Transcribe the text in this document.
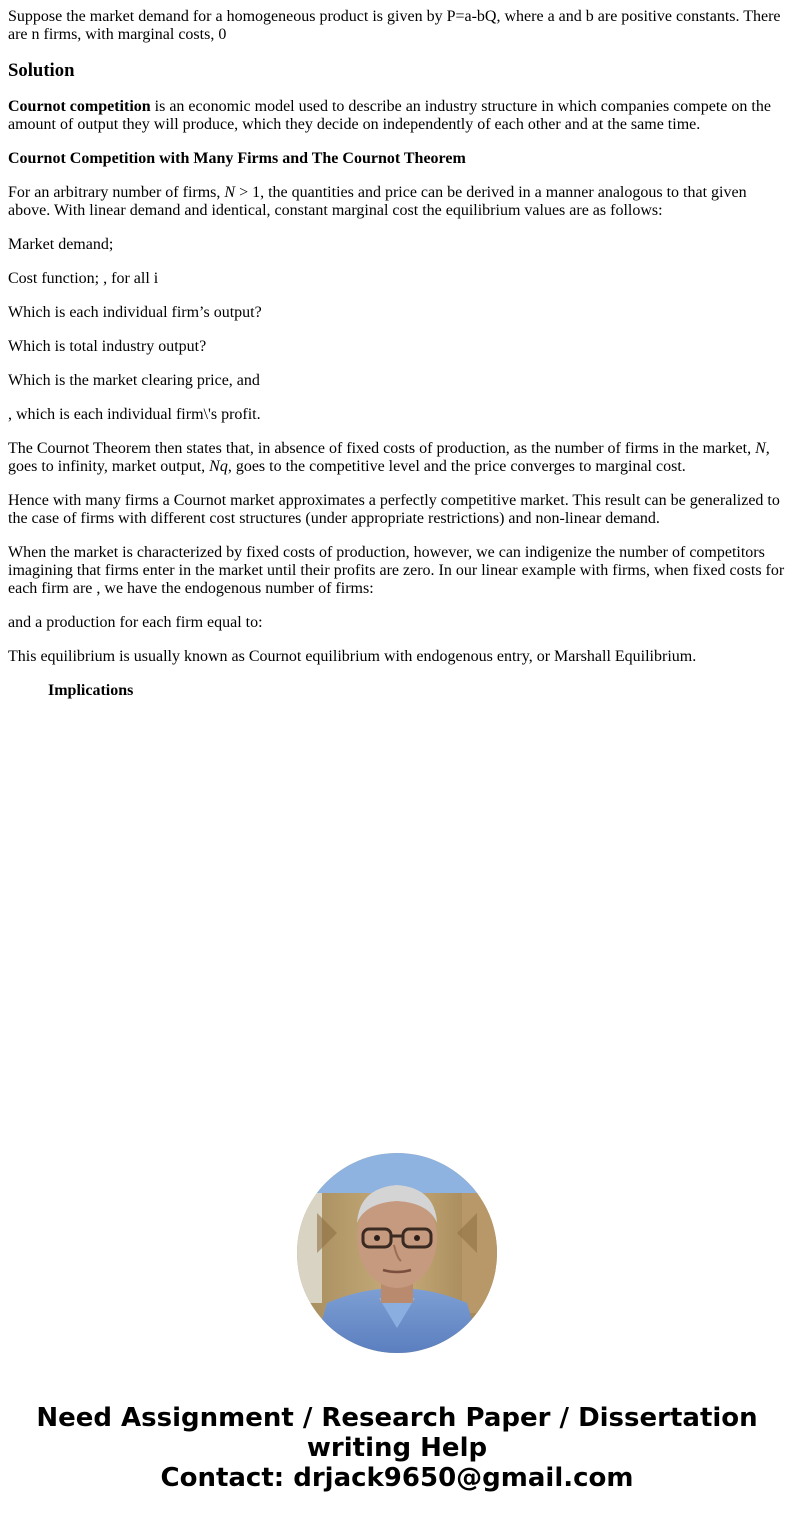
Suppose the market demand for a homogeneous product is given by P=a-bQ, where a and b are positive constants. There are n firms, with marginal costs, 0

Solution

Cournot competition is an economic model used to describe an industry structure in which companies compete on the amount of output they will produce, which they decide on independently of each other and at the same time.

Cournot Competition with Many Firms and The Cournot Theorem

For an arbitrary number of firms, N > 1, the quantities and price can be derived in a manner analogous to that given above. With linear demand and identical, constant marginal cost the equilibrium values are as follows:

Market demand;

Cost function; , for all i

Which is each individual firm’s output?

Which is total industry output?

Which is the market clearing price, and

, which is each individual firm\'s profit.

The Cournot Theorem then states that, in absence of fixed costs of production, as the number of firms in the market, N, goes to infinity, market output, Nq, goes to the competitive level and the price converges to marginal cost.

Hence with many firms a Cournot market approximates a perfectly competitive market. This result can be generalized to the case of firms with different cost structures (under appropriate restrictions) and non-linear demand.

When the market is characterized by fixed costs of production, however, we can indigenize the number of competitors imagining that firms enter in the market until their profits are zero. In our linear example with firms, when fixed costs for each firm are , we have the endogenous number of firms:

and a production for each firm equal to:

This equilibrium is usually known as Cournot equilibrium with endogenous entry, or Marshall Equilibrium.

Implications

Need Assignment / Research Paper / Dissertation
writing Help
Contact: drjack9650@gmail.com
